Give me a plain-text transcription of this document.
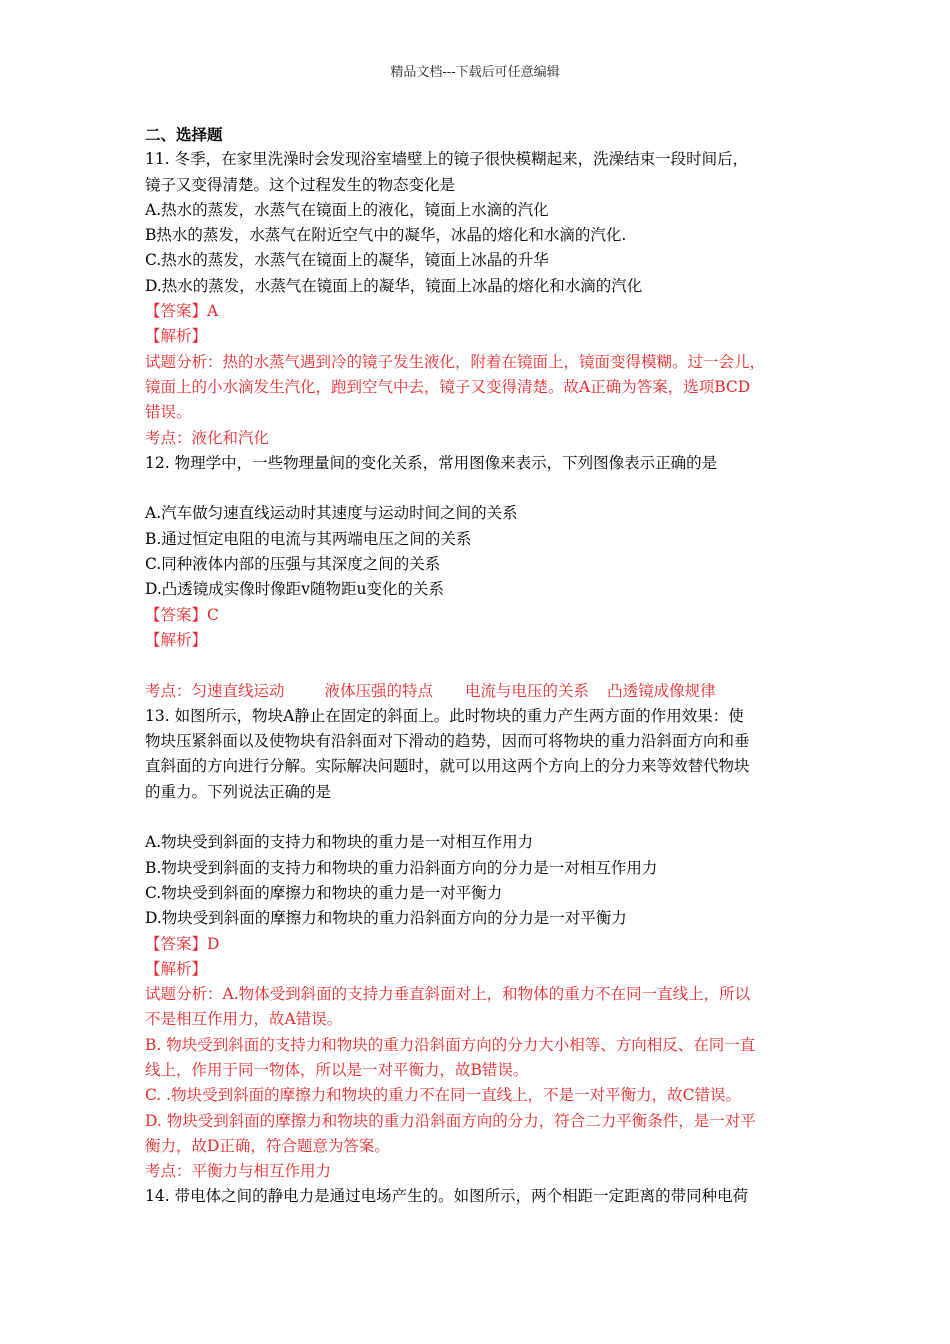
精品文档---下载后可任意编辑
二、选择题
11. 冬季，在家里洗澡时会发现浴室墙壁上的镜子很快模糊起来，洗澡结束一段时间后，
镜子又变得清楚。这个过程发生的物态变化是
A.热水的蒸发，水蒸气在镜面上的液化，镜面上水滴的汽化
B热水的蒸发，水蒸气在附近空气中的凝华，冰晶的熔化和水滴的汽化.
C.热水的蒸发，水蒸气在镜面上的凝华，镜面上冰晶的升华
D.热水的蒸发，水蒸气在镜面上的凝华，镜面上冰晶的熔化和水滴的汽化
【答案】A
【解析】
试题分析：热的水蒸气遇到冷的镜子发生液化，附着在镜面上，镜面变得模糊。过一会儿，
镜面上的小水滴发生汽化，跑到空气中去，镜子又变得清楚。故A正确为答案，选项BCD
错误。
考点：液化和汽化
12. 物理学中，一些物理量间的变化关系，常用图像来表示，下列图像表示正确的是
A.汽车做匀速直线运动时其速度与运动时间之间的关系
B.通过恒定电阻的电流与其两端电压之间的关系
C.同种液体内部的压强与其深度之间的关系
D.凸透镜成实像时像距v随物距u变化的关系
【答案】C
【解析】
考点：匀速直线运动	液体压强的特点 电流与电压的关系 凸透镜成像规律
13. 如图所示，物块A静止在固定的斜面上。此时物块的重力产生两方面的作用效果：使
物块压紧斜面以及使物块有沿斜面对下滑动的趋势，因而可将物块的重力沿斜面方向和垂
直斜面的方向进行分解。实际解决问题时，就可以用这两个方向上的分力来等效替代物块
的重力。下列说法正确的是
A.物块受到斜面的支持力和物块的重力是一对相互作用力
B.物块受到斜面的支持力和物块的重力沿斜面方向的分力是一对相互作用力
C.物块受到斜面的摩擦力和物块的重力是一对平衡力
D.物块受到斜面的摩擦力和物块的重力沿斜面方向的分力是一对平衡力
【答案】D
【解析】
试题分析：A.物体受到斜面的支持力垂直斜面对上，和物体的重力不在同一直线上，所以
不是相互作用力，故A错误。
B. 物块受到斜面的支持力和物块的重力沿斜面方向的分力大小相等、方向相反、在同一直
线上，作用于同一物体，所以是一对平衡力，故B错误。
C. .物块受到斜面的摩擦力和物块的重力不在同一直线上，不是一对平衡力，故C错误。
D. 物块受到斜面的摩擦力和物块的重力沿斜面方向的分力，符合二力平衡条件，是一对平
衡力，故D正确，符合题意为答案。
考点：平衡力与相互作用力
14. 带电体之间的静电力是通过电场产生的。如图所示，两个相距一定距离的带同种电荷
